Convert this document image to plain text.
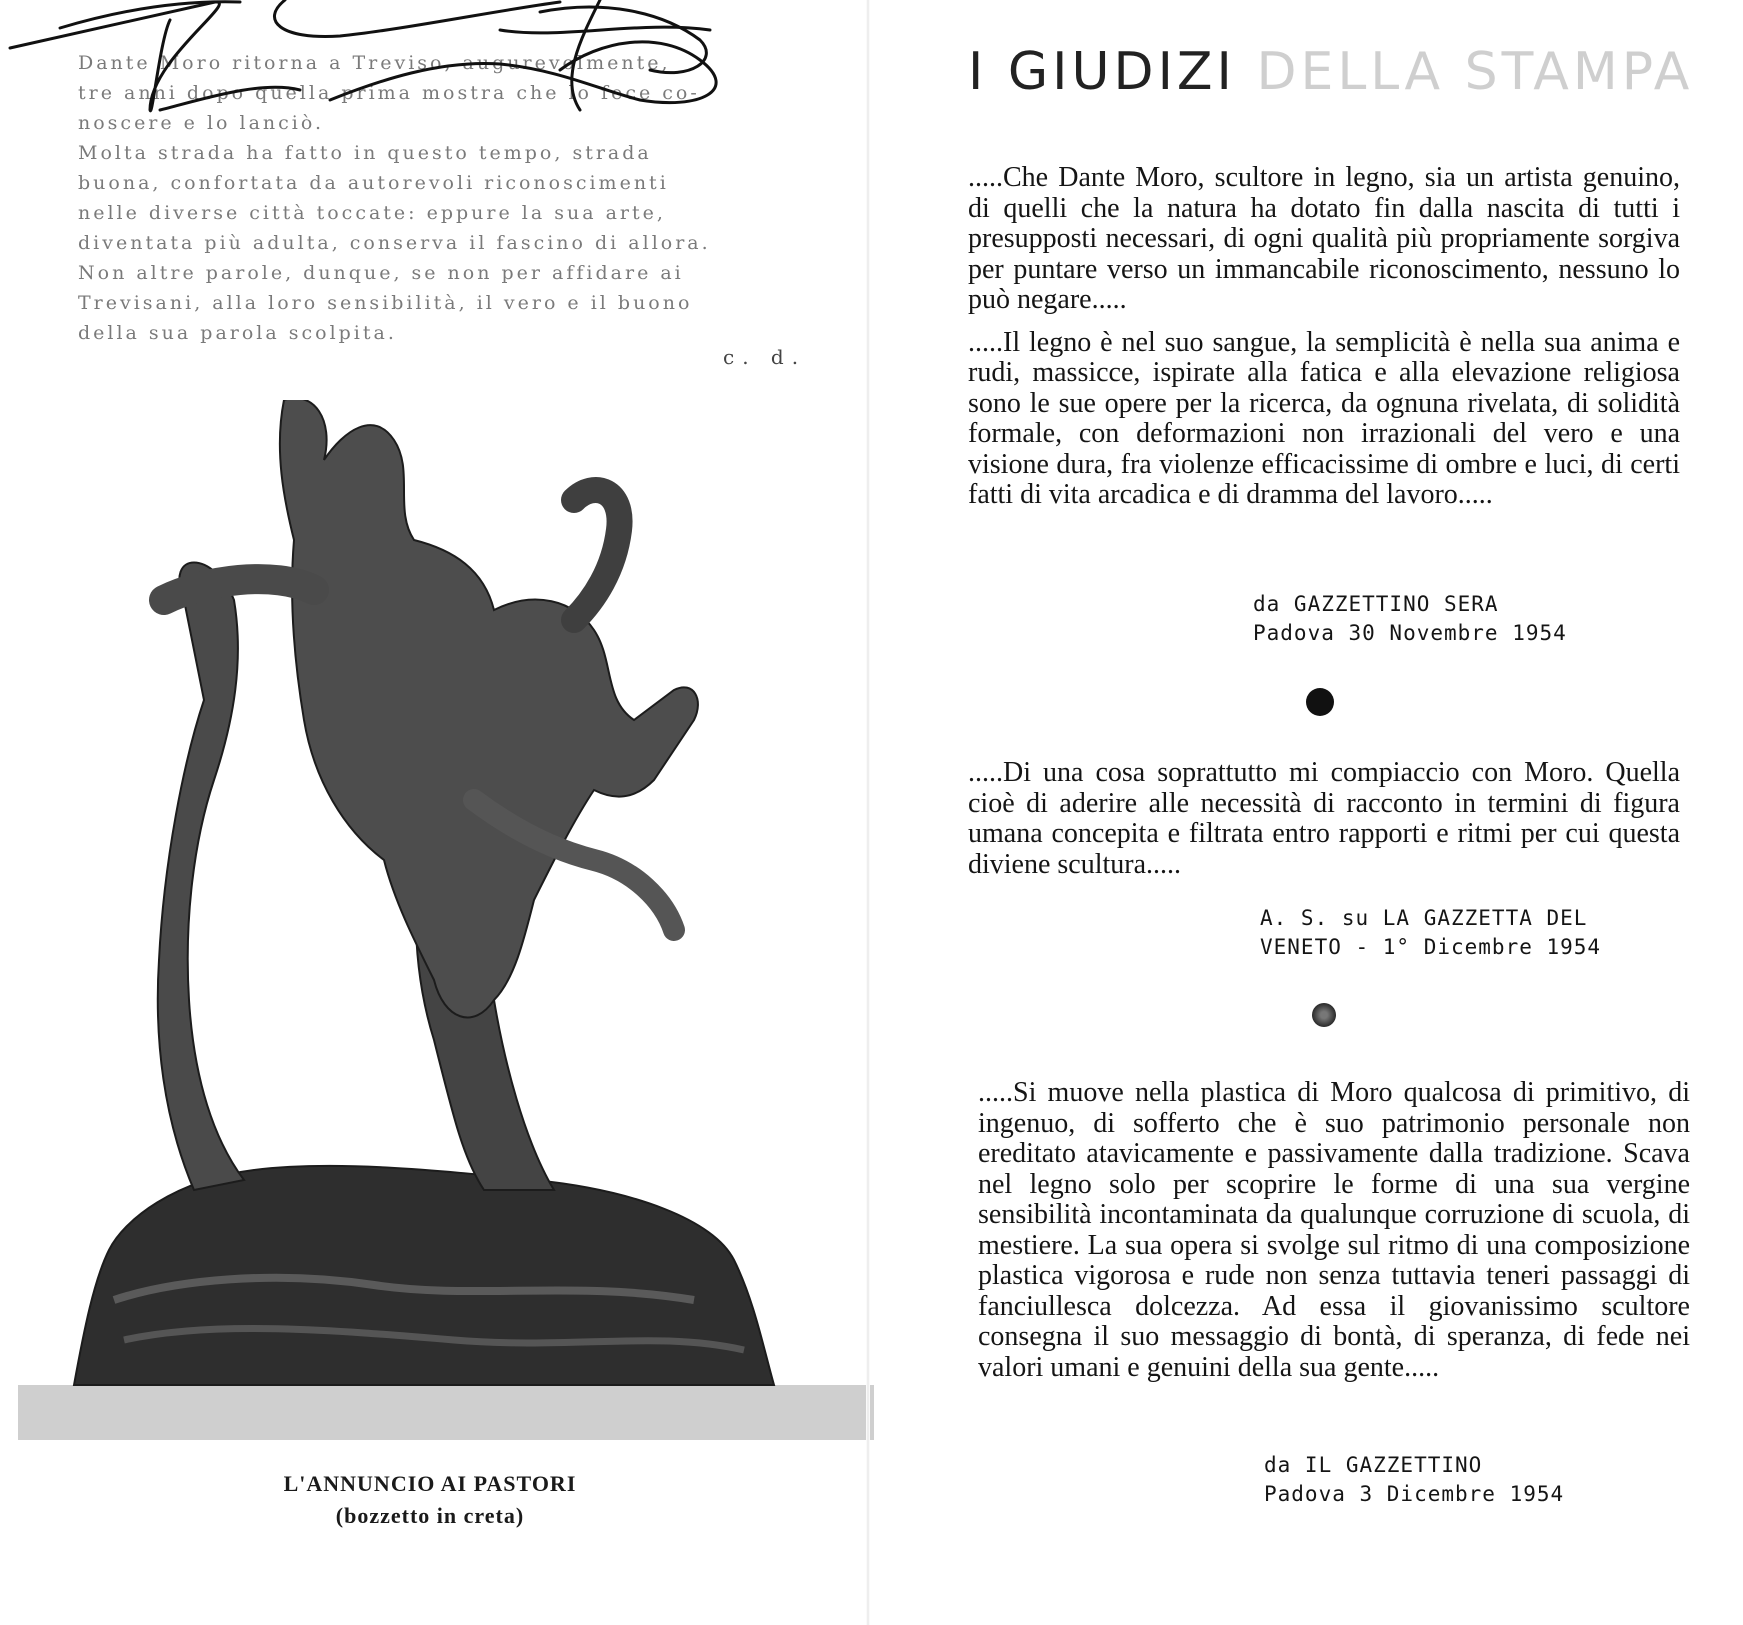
Dante Moro ritorna a Treviso, augurevolmente,

tre anni dopo quella prima mostra che lo fece co-

noscere e lo lanciò.

Molta strada ha fatto in questo tempo, strada

buona, confortata da autorevoli riconoscimenti

nelle diverse città toccate: eppure la sua arte,

diventata più adulta, conserva il fascino di allora.

Non altre parole, dunque, se non per affidare ai

Trevisani, alla loro sensibilità, il vero e il buono

della sua parola scolpita.

c. d.
L'ANNUNCIO AI PASTORI
(bozzetto in creta)
I GIUDIZI DELLA STAMPA

.....Che Dante Moro, scultore in legno, sia un artista genuino, di quelli che la natura ha dotato fin dalla nascita di tutti i presupposti necessari, di ogni qualità più propriamente sorgiva per puntare verso un immancabile riconoscimento, nessuno lo può negare.....

.....Il legno è nel suo sangue, la semplicità è nella sua anima e rudi, massicce, ispirate alla fatica e alla elevazione religiosa sono le sue opere per la ricerca, da ognuna rivelata, di solidità formale, con deformazioni non irrazionali del vero e una visione dura, fra violenze efficacissime di ombre e luci, di certi fatti di vita arcadica e di dramma del lavoro.....

da GAZZETTINO SERA
Padova 30 Novembre 1954

.....Di una cosa soprattutto mi compiaccio con Moro. Quella cioè di aderire alle necessità di racconto in termini di figura umana concepita e filtrata entro rapporti e ritmi per cui questa diviene scultura.....

A. S. su LA GAZZETTA DEL
VENETO - 1° Dicembre 1954

.....Si muove nella plastica di Moro qualcosa di primitivo, di ingenuo, di sofferto che è suo patrimonio personale non ereditato atavicamente e passivamente dalla tradizione. Scava nel legno solo per scoprire le forme di una sua vergine sensibilità incontaminata da qualunque corruzione di scuola, di mestiere. La sua opera si svolge sul ritmo di una composizione plastica vigorosa e rude non senza tuttavia teneri passaggi di fanciullesca dolcezza. Ad essa il giovanissimo scultore consegna il suo messaggio di bontà, di speranza, di fede nei valori umani e genuini della sua gente.....

da IL GAZZETTINO
Padova 3 Dicembre 1954
